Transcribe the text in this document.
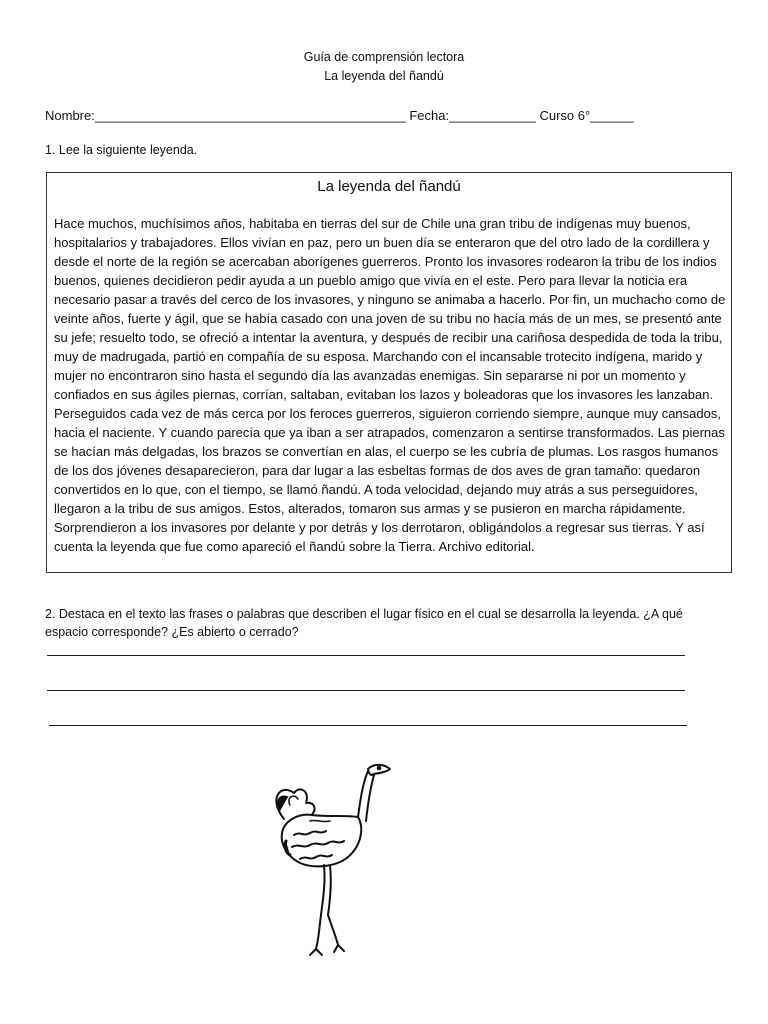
Guía de comprensión lectora
La leyenda del ñandú
Nombre:___________________________________________ Fecha:____________ Curso 6°______
1. Lee la siguiente leyenda.
La leyenda del ñandú

Hace muchos, muchísimos años, habitaba en tierras del sur de Chile una gran tribu de indígenas muy buenos, hospitalarios y trabajadores. Ellos vivían en paz, pero un buen día se enteraron que del otro lado de la cordillera y desde el norte de la región se acercaban aborígenes guerreros. Pronto los invasores rodearon la tribu de los indios buenos, quienes decidieron pedir ayuda a un pueblo amigo que vivía en el este. Pero para llevar la noticia era necesario pasar a través del cerco de los invasores, y ninguno se animaba a hacerlo. Por fin, un muchacho como de veinte años, fuerte y ágil, que se había casado con una joven de su tribu no hacía más de un mes, se presentó ante su jefe; resuelto todo, se ofreció a intentar la aventura, y después de recibir una cariñosa despedida de toda la tribu, muy de madrugada, partió en compañía de su esposa. Marchando con el incansable trotecito indígena, marido y mujer no encontraron sino hasta el segundo día las avanzadas enemigas. Sin separarse ni por un momento y confiados en sus ágiles piernas, corrían, saltaban, evitaban los lazos y boleadoras que los invasores les lanzaban. Perseguidos cada vez de más cerca por los feroces guerreros, siguieron corriendo siempre, aunque muy cansados, hacia el naciente. Y cuando parecía que ya iban a ser atrapados, comenzaron a sentirse transformados. Las piernas se hacían más delgadas, los brazos se convertían en alas, el cuerpo se les cubría de plumas. Los rasgos humanos de los dos jóvenes desaparecieron, para dar lugar a las esbeltas formas de dos aves de gran tamaño: quedaron convertidos en lo que, con el tiempo, se llamó ñandú. A toda velocidad, dejando muy atrás a sus perseguidores, llegaron a la tribu de sus amigos. Estos, alterados, tomaron sus armas y se pusieron en marcha rápidamente. Sorprendieron a los invasores por delante y por detrás y los derrotaron, obligándolos a regresar sus tierras. Y así cuenta la leyenda que fue como apareció el ñandú sobre la Tierra. Archivo editorial.

2. Destaca en el texto las frases o palabras que describen el lugar físico en el cual se desarrolla la leyenda. ¿A qué espacio corresponde? ¿Es abierto o cerrado?
